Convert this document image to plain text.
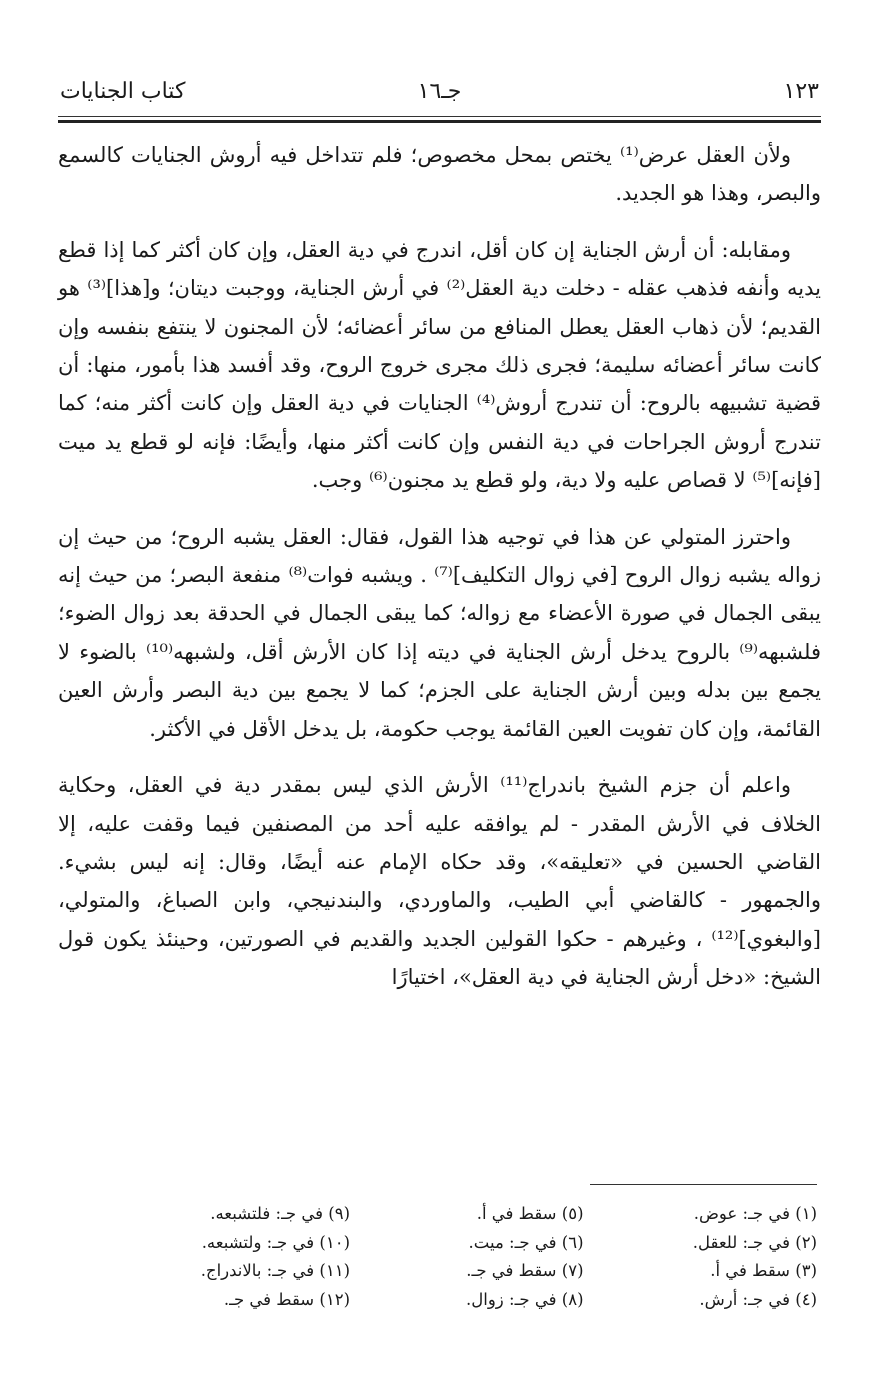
١٢٣
جـ١٦
كتاب الجنايات

ولأن العقل عرض⁽¹⁾ يختص بمحل مخصوص؛ فلم تتداخل فيه أروش الجنايات كالسمع والبصر، وهذا هو الجديد.

ومقابله: أن أرش الجناية إن كان أقل، اندرج في دية العقل، وإن كان أكثر كما إذا قطع يديه وأنفه فذهب عقله - دخلت دية العقل⁽²⁾ في أرش الجناية، ووجبت ديتان؛ و[هذا]⁽³⁾ هو القديم؛ لأن ذهاب العقل يعطل المنافع من سائر أعضائه؛ لأن المجنون لا ينتفع بنفسه وإن كانت سائر أعضائه سليمة؛ فجرى ذلك مجرى خروج الروح، وقد أفسد هذا بأمور، منها: أن قضية تشبيهه بالروح: أن تندرج أروش⁽⁴⁾ الجنايات في دية العقل وإن كانت أكثر منه؛ كما تندرج أروش الجراحات في دية النفس وإن كانت أكثر منها، وأيضًا: فإنه لو قطع يد ميت [فإنه]⁽⁵⁾ لا قصاص عليه ولا دية، ولو قطع يد مجنون⁽⁶⁾ وجب.

واحترز المتولي عن هذا في توجيه هذا القول، فقال: العقل يشبه الروح؛ من حيث إن زواله يشبه زوال الروح [في زوال التكليف]⁽⁷⁾ . ويشبه فوات⁽⁸⁾ منفعة البصر؛ من حيث إنه يبقى الجمال في صورة الأعضاء مع زواله؛ كما يبقى الجمال في الحدقة بعد زوال الضوء؛ فلشبهه⁽⁹⁾ بالروح يدخل أرش الجناية في ديته إذا كان الأرش أقل، ولشبهه⁽¹⁰⁾ بالضوء لا يجمع بين بدله وبين أرش الجناية على الجزم؛ كما لا يجمع بين دية البصر وأرش العين القائمة، وإن كان تفويت العين القائمة يوجب حكومة، بل يدخل الأقل في الأكثر.

واعلم أن جزم الشيخ باندراج⁽¹¹⁾ الأرش الذي ليس بمقدر دية في العقل، وحكاية الخلاف في الأرش المقدر - لم يوافقه عليه أحد من المصنفين فيما وقفت عليه، إلا القاضي الحسين في «تعليقه»، وقد حكاه الإمام عنه أيضًا، وقال: إنه ليس بشيء. والجمهور - كالقاضي أبي الطيب، والماوردي، والبندنيجي، وابن الصباغ، والمتولي، [والبغوي]⁽¹²⁾ ، وغيرهم - حكوا القولين الجديد والقديم في الصورتين، وحينئذ يكون قول الشيخ: «دخل أرش الجناية في دية العقل»، اختيارًا

(١) في جـ: عوض.
(٢) في جـ: للعقل.
(٣) سقط في أ.
(٤) في جـ: أرش.
(٥) سقط في أ.
(٦) في جـ: ميت.
(٧) سقط في جـ.
(٨) في جـ: زوال.
(٩) في جـ: فلتشبعه.
(١٠) في جـ: ولتشبعه.
(١١) في جـ: بالاندراج.
(١٢) سقط في جـ.
